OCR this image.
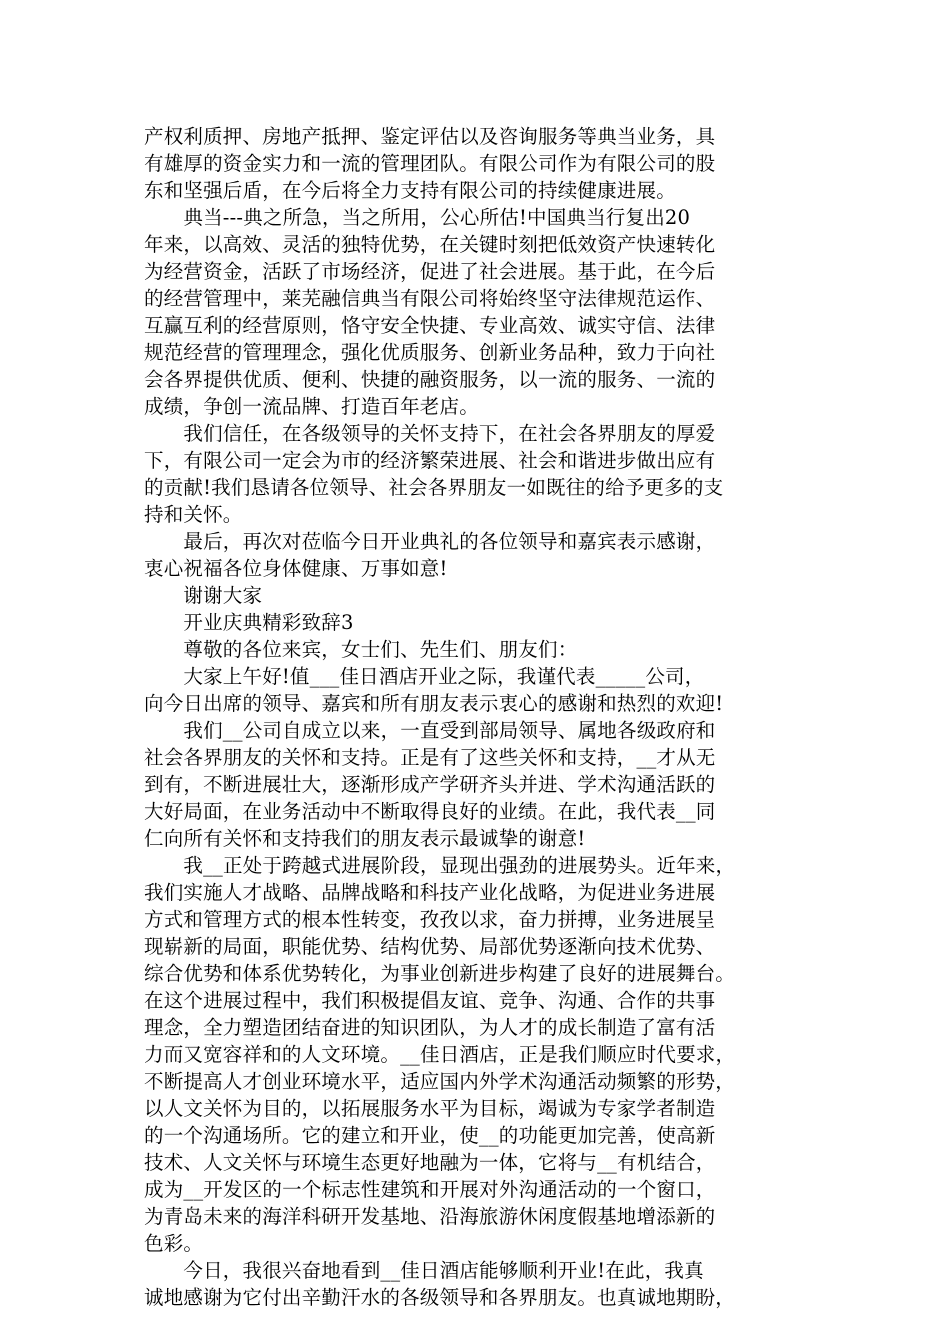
产权利质押、房地产抵押、鉴定评估以及咨询服务等典当业务，具
有雄厚的资金实力和一流的管理团队。有限公司作为有限公司的股
东和坚强后盾，在今后将全力支持有限公司的持续健康进展。
　　典当---典之所急，当之所用，公心所估!中国典当行复出20
年来，以高效、灵活的独特优势，在关键时刻把低效资产快速转化
为经营资金，活跃了市场经济，促进了社会进展。基于此，在今后
的经营管理中，莱芜融信典当有限公司将始终坚守法律规范运作、
互赢互利的经营原则，恪守安全快捷、专业高效、诚实守信、法律
规范经营的管理理念，强化优质服务、创新业务品种，致力于向社
会各界提供优质、便利、快捷的融资服务，以一流的服务、一流的
成绩，争创一流品牌、打造百年老店。
　　我们信任，在各级领导的关怀支持下，在社会各界朋友的厚爱
下，有限公司一定会为市的经济繁荣进展、社会和谐进步做出应有
的贡献!我们恳请各位领导、社会各界朋友一如既往的给予更多的支
持和关怀。
　　最后，再次对莅临今日开业典礼的各位领导和嘉宾表示感谢，
衷心祝福各位身体健康、万事如意!
　　谢谢大家
　　开业庆典精彩致辞3
　　尊敬的各位来宾，女士们、先生们、朋友们：
　　大家上午好!值___佳日酒店开业之际，我谨代表_____公司，
向今日出席的领导、嘉宾和所有朋友表示衷心的感谢和热烈的欢迎!
　　我们__公司自成立以来，一直受到部局领导、属地各级政府和
社会各界朋友的关怀和支持。正是有了这些关怀和支持，__才从无
到有，不断进展壮大，逐渐形成产学研齐头并进、学术沟通活跃的
大好局面，在业务活动中不断取得良好的业绩。在此，我代表__同
仁向所有关怀和支持我们的朋友表示最诚挚的谢意!
　　我__正处于跨越式进展阶段，显现出强劲的进展势头。近年来，
我们实施人才战略、品牌战略和科技产业化战略，为促进业务进展
方式和管理方式的根本性转变，孜孜以求，奋力拼搏，业务进展呈
现崭新的局面，职能优势、结构优势、局部优势逐渐向技术优势、
综合优势和体系优势转化，为事业创新进步构建了良好的进展舞台。
在这个进展过程中，我们积极提倡友谊、竞争、沟通、合作的共事
理念，全力塑造团结奋进的知识团队，为人才的成长制造了富有活
力而又宽容祥和的人文环境。__佳日酒店，正是我们顺应时代要求，
不断提高人才创业环境水平，适应国内外学术沟通活动频繁的形势，
以人文关怀为目的，以拓展服务水平为目标，竭诚为专家学者制造
的一个沟通场所。它的建立和开业，使__的功能更加完善，使高新
技术、人文关怀与环境生态更好地融为一体，它将与__有机结合，
成为__开发区的一个标志性建筑和开展对外沟通活动的一个窗口，
为青岛未来的海洋科研开发基地、沿海旅游休闲度假基地增添新的
色彩。
　　今日，我很兴奋地看到__佳日酒店能够顺利开业!在此，我真
诚地感谢为它付出辛勤汗水的各级领导和各界朋友。也真诚地期盼，
